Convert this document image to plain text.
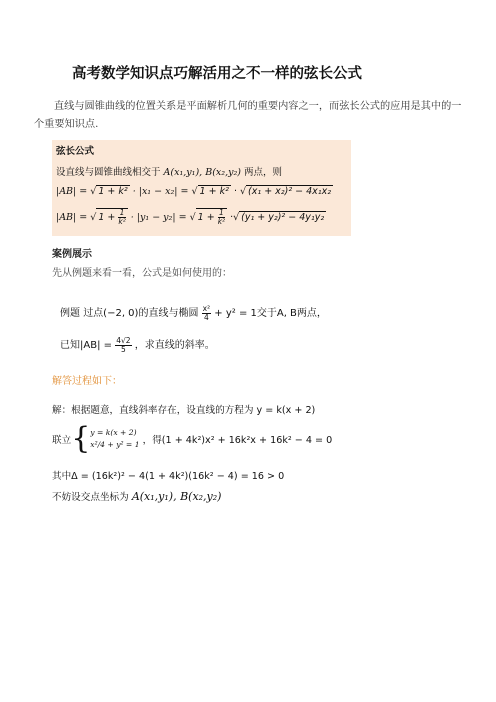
高考数学知识点巧解活用之不一样的弦长公式
直线与圆锥曲线的位置关系是平面解析几何的重要内容之一，而弦长公式的应用是其中的一个重要知识点.
弦长公式
设直线与圆锥曲线相交于 A(x₁,y₁), B(x₂,y₂) 两点，则
|AB| = √ 1 + k² · |x₁ − x₂| = √ 1 + k² · √ (x₁ + x₂)² − 4x₁x₂
|AB| = √ $1 + \frac{1}{\text{k²}} \cdot |y_1 - y_2|$ = √ $1 + \frac{1}{\text{k²}}$ ·√ (y₁ + y₂)² − 4y₁y₂
案例展示
先从例题来看一看，公式是如何使用的：
例题 过点(−2, 0)的直线与椭圆 $\frac{\text{x²}}{4} + y^2 = 1$交于A, B两点，
已知$|AB| = \frac{4√2}{5}$ ，求直线的斜率。
解答过程如下：
解：根据题意，直线斜率存在，设直线的方程为 y = k(x + 2)
联立{ y = k(x + 2)
x²/4 + y² = 1 ，得(1 + 4k²)x² + 16k²x + 16k² − 4 = 0
其中Δ = (16k²)² − 4(1 + 4k²)(16k² − 4) = 16 > 0
不妨设交点坐标为 A(x₁,y₁), B(x₂,y₂)
